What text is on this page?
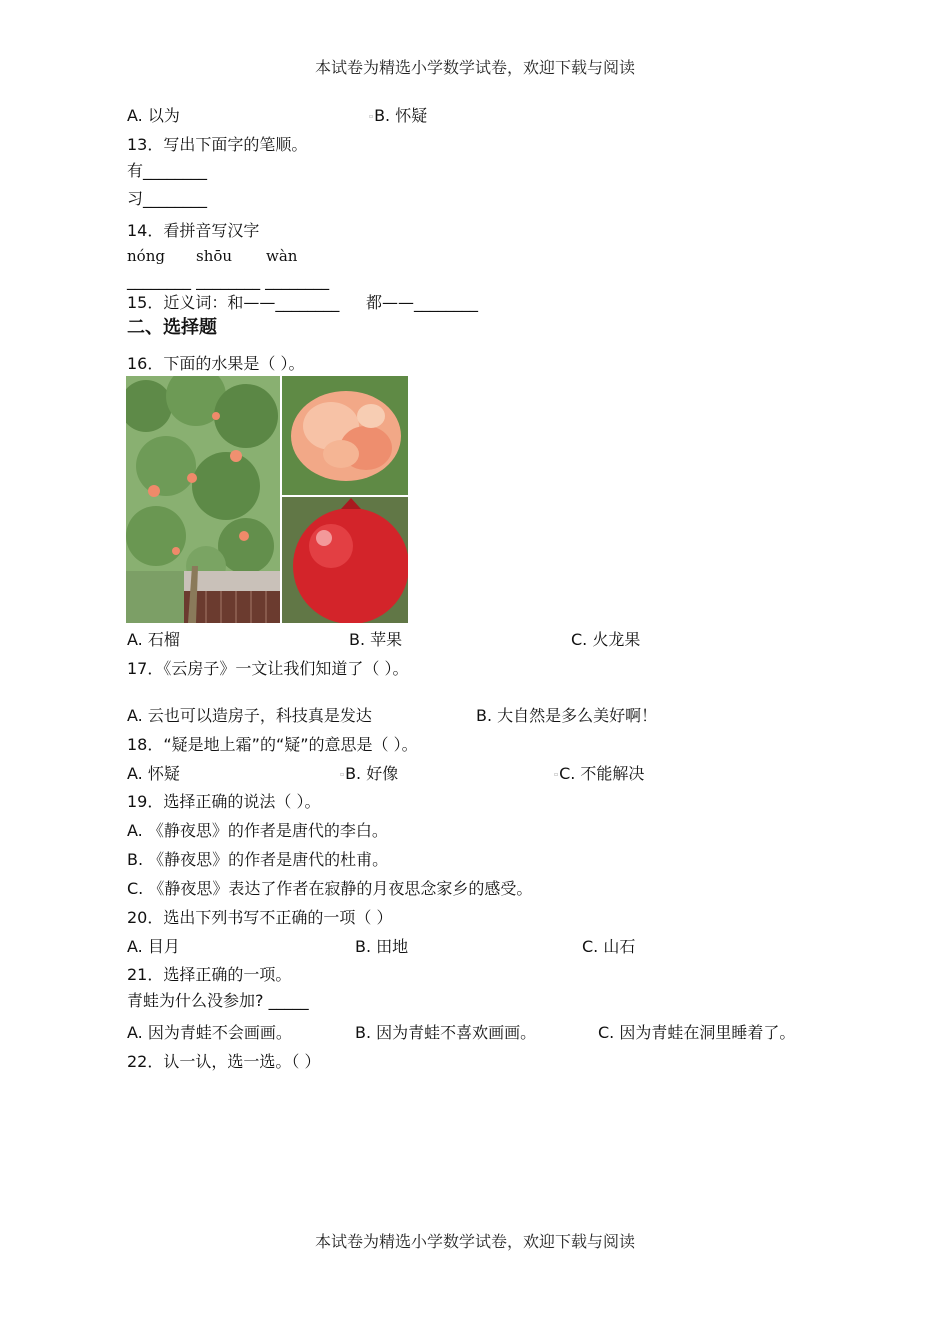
本试卷为精选小学数学试卷，欢迎下载与阅读
A. 以为	▫B. 怀疑
13．写出下面字的笔顺。
有________
习________
14．看拼音写汉字
nóng shōu wàn
________ ________ ________
15．近义词：和——________ 都——________
二、选择题
16．下面的水果是（ ）。
A. 石榴	B. 苹果	C. 火龙果
17．《云房子》一文让我们知道了（ ）。
A. 云也可以造房子，科技真是发达	B. 大自然是多么美好啊！
18．“疑是地上霜”的“疑”的意思是（ ）。
A. 怀疑	▫B. 好像	▫C. 不能解决
19．选择正确的说法（ ）。
A. 《静夜思》的作者是唐代的李白。
B. 《静夜思》的作者是唐代的杜甫。
C. 《静夜思》表达了作者在寂静的月夜思念家乡的感受。
20．选出下列书写不正确的一项（ ）
A. 目月	B. 田地	C. 山石
21．选择正确的一项。
青蛙为什么没参加? _____
A. 因为青蛙不会画画。	B. 因为青蛙不喜欢画画。	C. 因为青蛙在洞里睡着了。
22．认一认，选一选。（ ）
本试卷为精选小学数学试卷，欢迎下载与阅读
